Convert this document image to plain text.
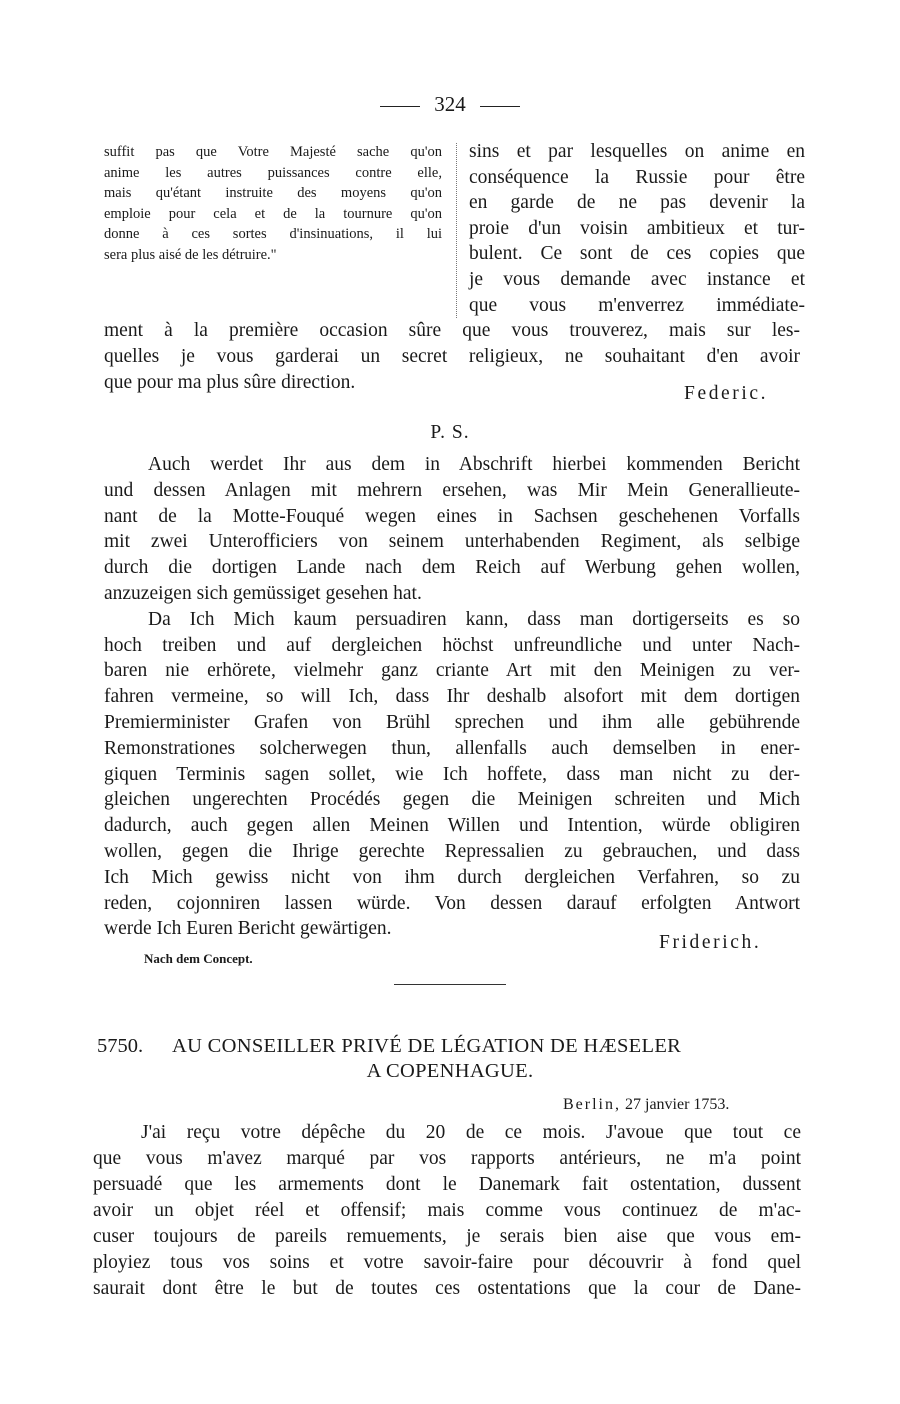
324
suffit pas que Votre Majesté sache qu'on
anime les autres puissances contre elle,
mais qu'étant instruite des moyens qu'on
emploie pour cela et de la tournure qu'on
donne à ces sortes d'insinuations, il lui
sera plus aisé de les détruire."
sins et par lesquelles on anime en
conséquence la Russie pour être
en garde de ne pas devenir la
proie d'un voisin ambitieux et tur-
bulent. Ce sont de ces copies que
je vous demande avec instance et
que vous m'enverrez immédiate-
ment à la première occasion sûre que vous trouverez, mais sur les-
quelles je vous garderai un secret religieux, ne souhaitant d'en avoir
que pour ma plus sûre direction.
Federic.
P. S.
Auch werdet Ihr aus dem in Abschrift hierbei kommenden Bericht
und dessen Anlagen mit mehrern ersehen, was Mir Mein Generallieute-
nant de la Motte-Fouqué wegen eines in Sachsen geschehenen Vorfalls
mit zwei Unterofficiers von seinem unterhabenden Regiment, als selbige
durch die dortigen Lande nach dem Reich auf Werbung gehen wollen,
anzuzeigen sich gemüssiget gesehen hat.
Da Ich Mich kaum persuadiren kann, dass man dortigerseits es so
hoch treiben und auf dergleichen höchst unfreundliche und unter Nach-
baren nie erhörete, vielmehr ganz criante Art mit den Meinigen zu ver-
fahren vermeine, so will Ich, dass Ihr deshalb alsofort mit dem dortigen
Premierminister Grafen von Brühl sprechen und ihm alle gebührende
Remonstrationes solcherwegen thun, allenfalls auch demselben in ener-
giquen Terminis sagen sollet, wie Ich hoffete, dass man nicht zu der-
gleichen ungerechten Procédés gegen die Meinigen schreiten und Mich
dadurch, auch gegen allen Meinen Willen und Intention, würde obligiren
wollen, gegen die Ihrige gerechte Repressalien zu gebrauchen, und dass
Ich Mich gewiss nicht von ihm durch dergleichen Verfahren, so zu
reden, cojonniren lassen würde. Von dessen darauf erfolgten Antwort
werde Ich Euren Bericht gewärtigen.
Friderich.
Nach dem Concept.
5750. AU CONSEILLER PRIVÉ DE LÉGATION DE HÆSELER
A COPENHAGUE.
Berlin, 27 janvier 1753.
J'ai reçu votre dépêche du 20 de ce mois. J'avoue que tout ce
que vous m'avez marqué par vos rapports antérieurs, ne m'a point
persuadé que les armements dont le Danemark fait ostentation, dussent
avoir un objet réel et offensif; mais comme vous continuez de m'ac-
cuser toujours de pareils remuements, je serais bien aise que vous em-
ployiez tous vos soins et votre savoir-faire pour découvrir à fond quel
saurait dont être le but de toutes ces ostentations que la cour de Dane-
